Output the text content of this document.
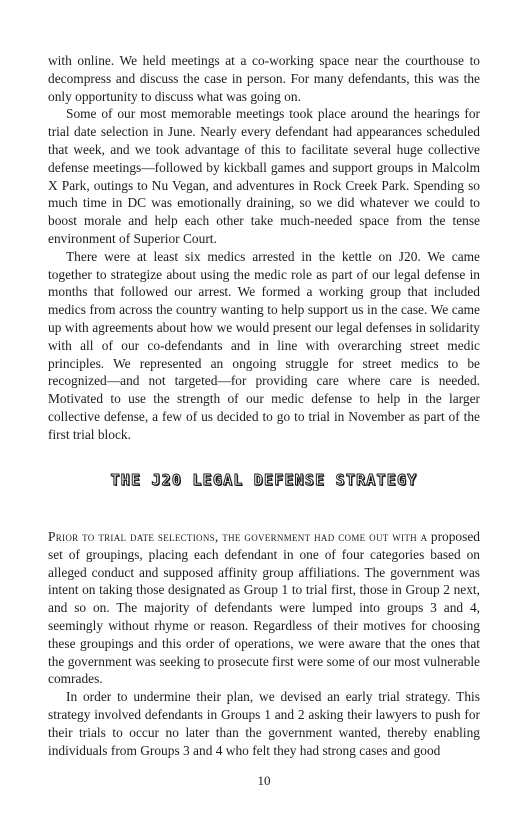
with online. We held meetings at a co-working space near the courthouse to decompress and discuss the case in person. For many defendants, this was the only opportunity to discuss what was going on.

Some of our most memorable meetings took place around the hearings for trial date selection in June. Nearly every defendant had appearances scheduled that week, and we took advantage of this to facilitate several huge collective defense meetings—followed by kickball games and support groups in Malcolm X Park, outings to Nu Vegan, and adventures in Rock Creek Park. Spending so much time in DC was emotionally draining, so we did whatever we could to boost morale and help each other take much-needed space from the tense environment of Superior Court.

There were at least six medics arrested in the kettle on J20. We came together to strategize about using the medic role as part of our legal defense in months that followed our arrest. We formed a working group that included medics from across the country wanting to help support us in the case. We came up with agreements about how we would present our legal defenses in solidarity with all of our co-defendants and in line with overarching street medic principles. We represented an ongoing struggle for street medics to be recognized—and not targeted—for providing care where care is needed. Motivated to use the strength of our medic defense to help in the larger collective defense, a few of us decided to go to trial in November as part of the first trial block.

THE J20 LEGAL DEFENSE STRATEGY

Prior to trial date selections, the government had come out with a proposed set of groupings, placing each defendant in one of four categories based on alleged conduct and supposed affinity group affiliations. The government was intent on taking those designated as Group 1 to trial first, those in Group 2 next, and so on. The majority of defendants were lumped into groups 3 and 4, seemingly without rhyme or reason. Regardless of their motives for choosing these groupings and this order of operations, we were aware that the ones that the government was seeking to prosecute first were some of our most vulnerable comrades.

In order to undermine their plan, we devised an early trial strategy. This strategy involved defendants in Groups 1 and 2 asking their lawyers to push for their trials to occur no later than the government wanted, thereby enabling individuals from Groups 3 and 4 who felt they had strong cases and good

10
